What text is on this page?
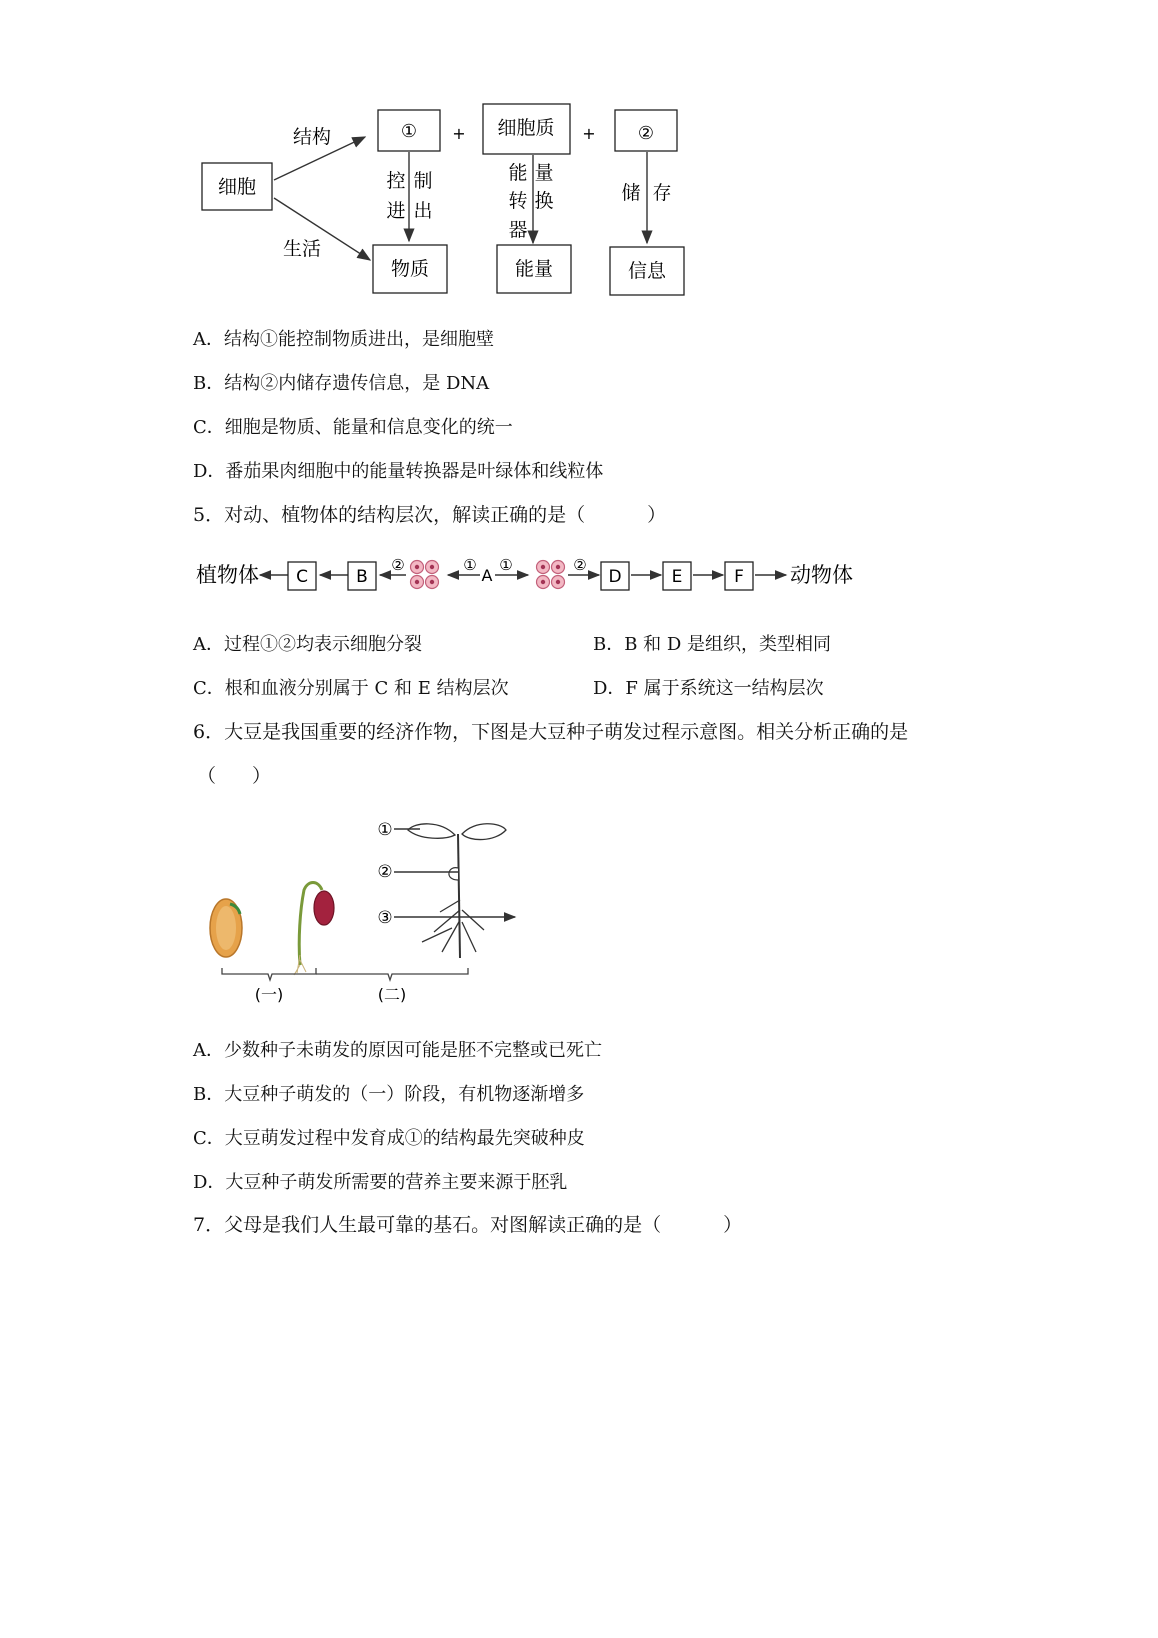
细胞
结构
生活
① + 细胞质 + ②
控 制
进 出
能 量
转 换
器
储 存
物质	能量	信息
A．结构①能控制物质进出，是细胞壁
B．结构②内储存遗传信息，是 DNA
C．细胞是物质、能量和信息变化的统一
D．番茄果肉细胞中的能量转换器是叶绿体和线粒体
5．对动、植物体的结构层次，解读正确的是（	）
植物体 C	B
②	①
A
①	②
D	E	F 动物体
A．过程①②均表示细胞分裂	B．B 和 D 是组织，类型相同
C．根和血液分别属于 C 和 E 结构层次	D．F 属于系统这一结构层次
6．大豆是我国重要的经济作物，下图是大豆种子萌发过程示意图。相关分析正确的是
（ ）
①
②
③
(一)	(二)
A．少数种子未萌发的原因可能是胚不完整或已死亡
B．大豆种子萌发的（一）阶段，有机物逐渐增多
C．大豆萌发过程中发育成①的结构最先突破种皮
D．大豆种子萌发所需要的营养主要来源于胚乳
7．父母是我们人生最可靠的基石。对图解读正确的是（	）
